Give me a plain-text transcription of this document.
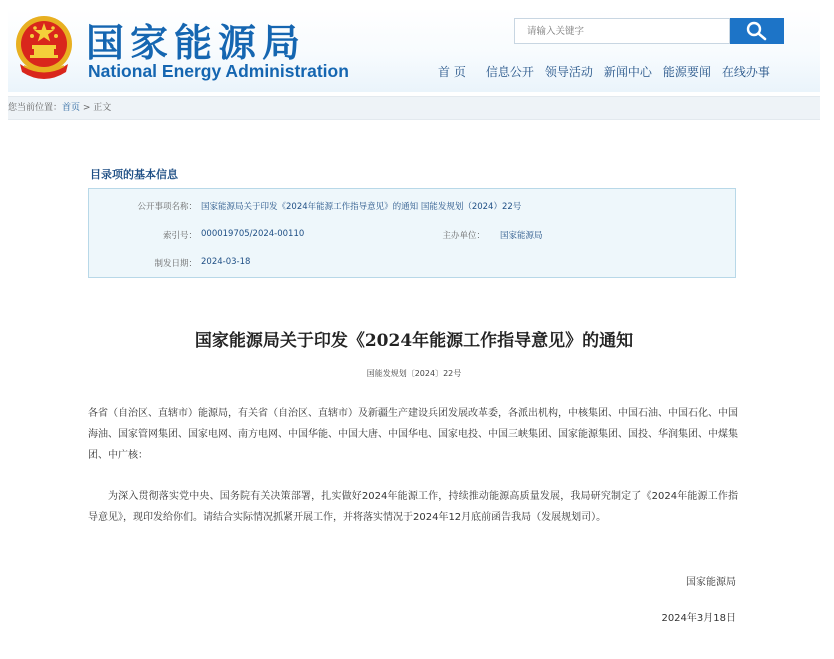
国家能源局
National Energy Administration
请输入关键字	首 页 信息公开 领导活动 新闻中心 能源要闻 在线办事
您当前位置：首页 > 正文
目录项的基本信息
公开事项名称： 国家能源局关于印发《2024年能源工作指导意见》的通知 国能发规划（2024）22号
索引号： 000019705/2024-00110	主办单位： 国家能源局
制发日期： 2024-03-18
国家能源局关于印发《2024年能源工作指导意见》的通知
国能发规划〔2024〕22号
各省（自治区、直辖市）能源局，有关省（自治区、直辖市）及新疆生产建设兵团发展改革委，各派出机构，中核集团、中国石油、中国石化、中国海油、国家管网集团、国家电网、南方电网、中国华能、中国大唐、中国华电、国家电投、中国三峡集团、国家能源集团、国投、华润集团、中煤集团、中广核：
为深入贯彻落实党中央、国务院有关决策部署，扎实做好2024年能源工作，持续推动能源高质量发展，我局研究制定了《2024年能源工作指导意见》，现印发给你们。请结合实际情况抓紧开展工作，并将落实情况于2024年12月底前函告我局（发展规划司）。
国家能源局
2024年3月18日
